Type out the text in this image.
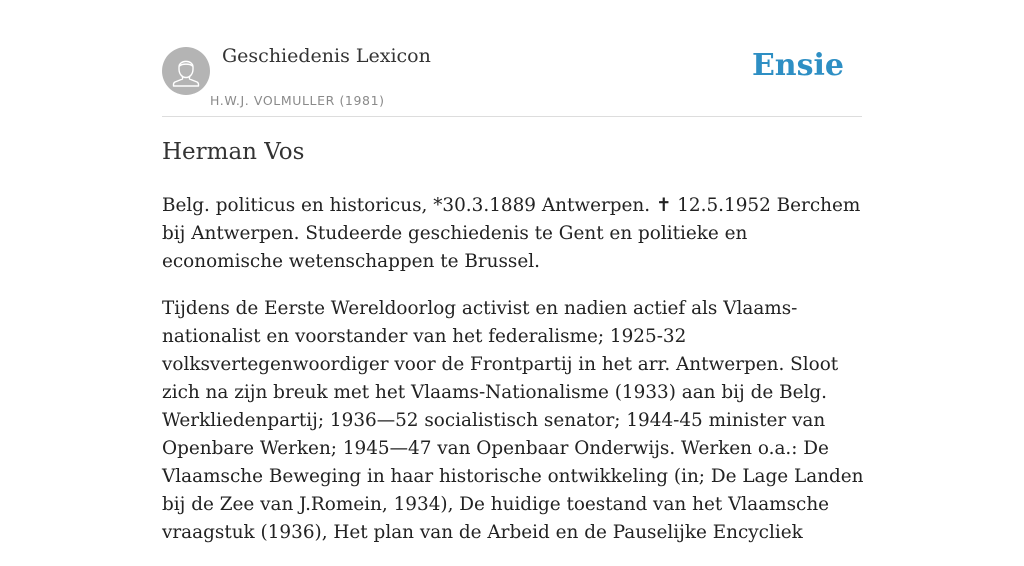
Geschiedenis Lexicon
H.W.J. VOLMULLER (1981)
Ensie
Herman Vos

Belg. politicus en historicus, *30.3.1889 Antwerpen. ✝ 12.5.1952 Berchem bij Antwerpen. Studeerde geschiedenis te Gent en politieke en economische wetenschappen te Brussel.

Tijdens de Eerste Wereldoorlog activist en nadien actief als Vlaams-nationalist en voorstander van het federalisme; 1925-32 volksvertegenwoordiger voor de Frontpartij in het arr. Antwerpen. Sloot zich na zijn breuk met het Vlaams-Nationalisme (1933) aan bij de Belg. Werkliedenpartij; 1936—52 socialistisch senator; 1944-45 minister van Openbare Werken; 1945—47 van Openbaar Onderwijs. Werken o.a.: De Vlaamsche Beweging in haar historische ontwikkeling (in; De Lage Landen bij de Zee van J.Romein, 1934), De huidige toestand van het Vlaamsche vraagstuk (1936), Het plan van de Arbeid en de Pauselijke Encycliek
